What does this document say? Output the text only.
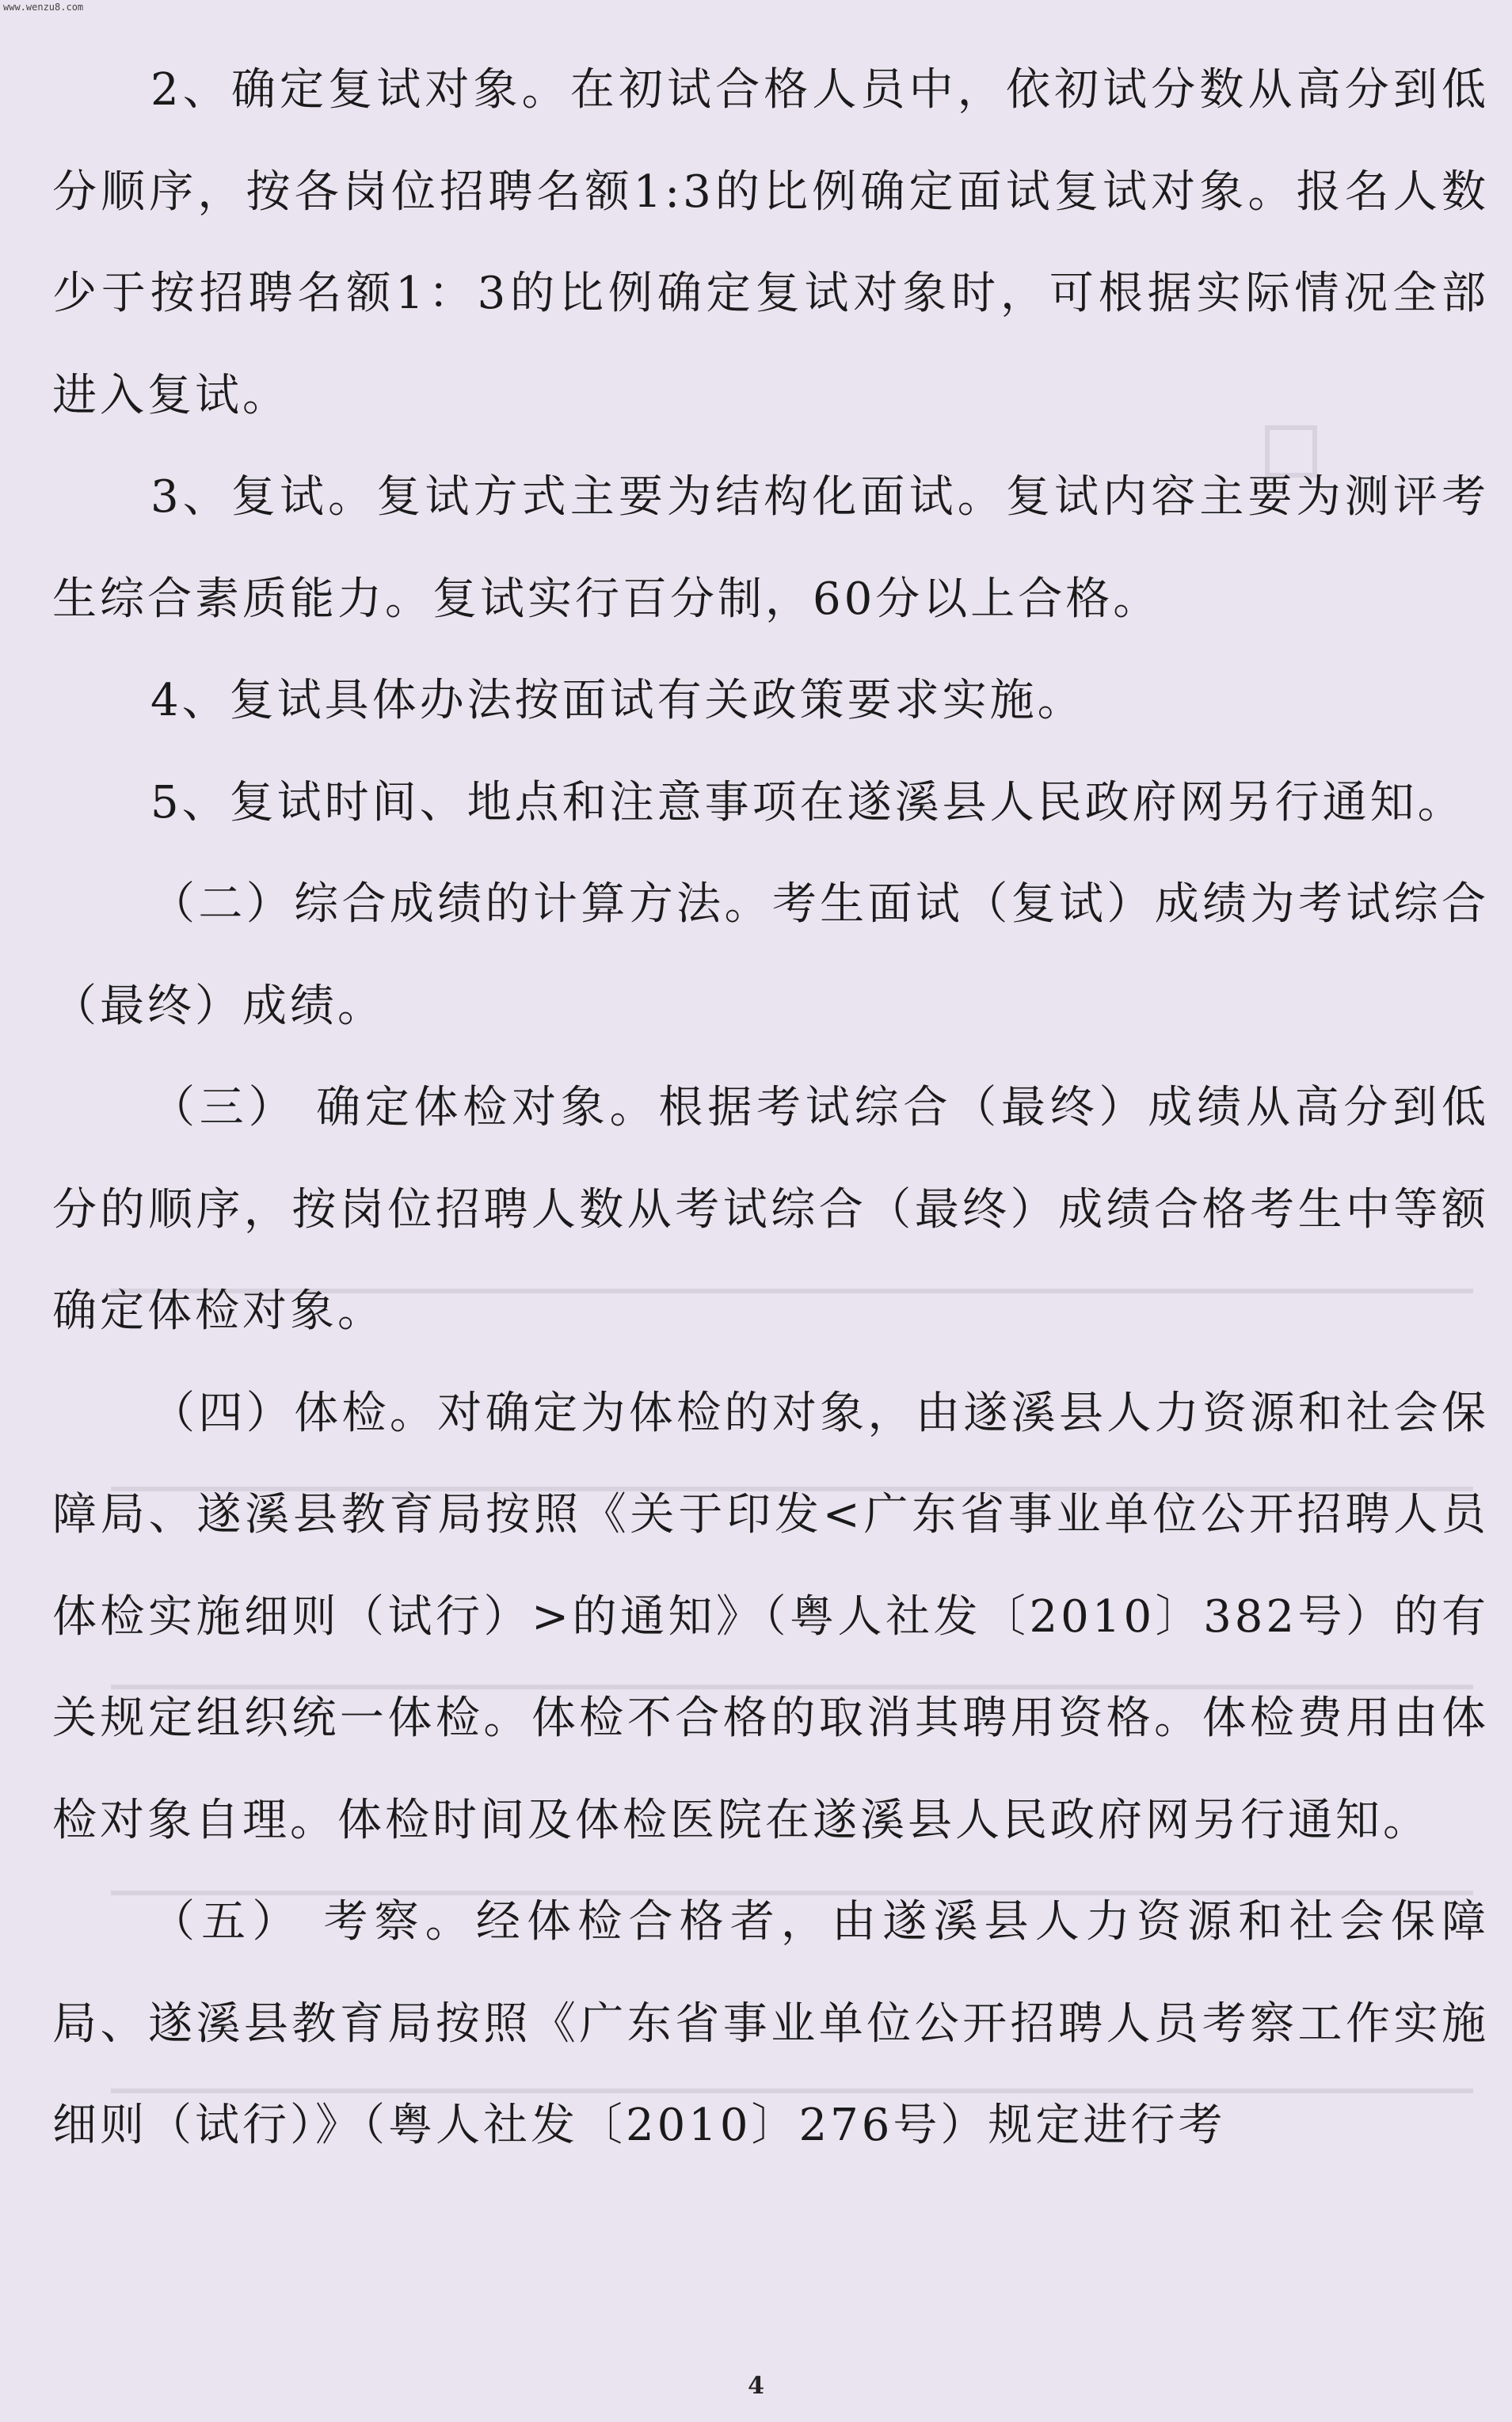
www.wenzu8.com

2、确定复试对象。在初试合格人员中，依初试分数从高分到低分顺序，按各岗位招聘名额1:3的比例确定面试复试对象。报名人数少于按招聘名额1：3的比例确定复试对象时，可根据实际情况全部进入复试。

3、复试。复试方式主要为结构化面试。复试内容主要为测评考生综合素质能力。复试实行百分制，60分以上合格。

4、复试具体办法按面试有关政策要求实施。

5、复试时间、地点和注意事项在遂溪县人民政府网另行通知。

（二）综合成绩的计算方法。考生面试（复试）成绩为考试综合（最终）成绩。

（三） 确定体检对象。根据考试综合（最终）成绩从高分到低分的顺序，按岗位招聘人数从考试综合（最终）成绩合格考生中等额确定体检对象。

（四）体检。对确定为体检的对象，由遂溪县人力资源和社会保障局、遂溪县教育局按照《关于印发<广东省事业单位公开招聘人员体检实施细则（试行）>的通知》（粤人社发〔2010〕382号）的有关规定组织统一体检。体检不合格的取消其聘用资格。体检费用由体检对象自理。体检时间及体检医院在遂溪县人民政府网另行通知。

（五） 考察。经体检合格者，由遂溪县人力资源和社会保障局、遂溪县教育局按照《广东省事业单位公开招聘人员考察工作实施细则（试行）》（粤人社发〔2010〕276号）规定进行考

4
